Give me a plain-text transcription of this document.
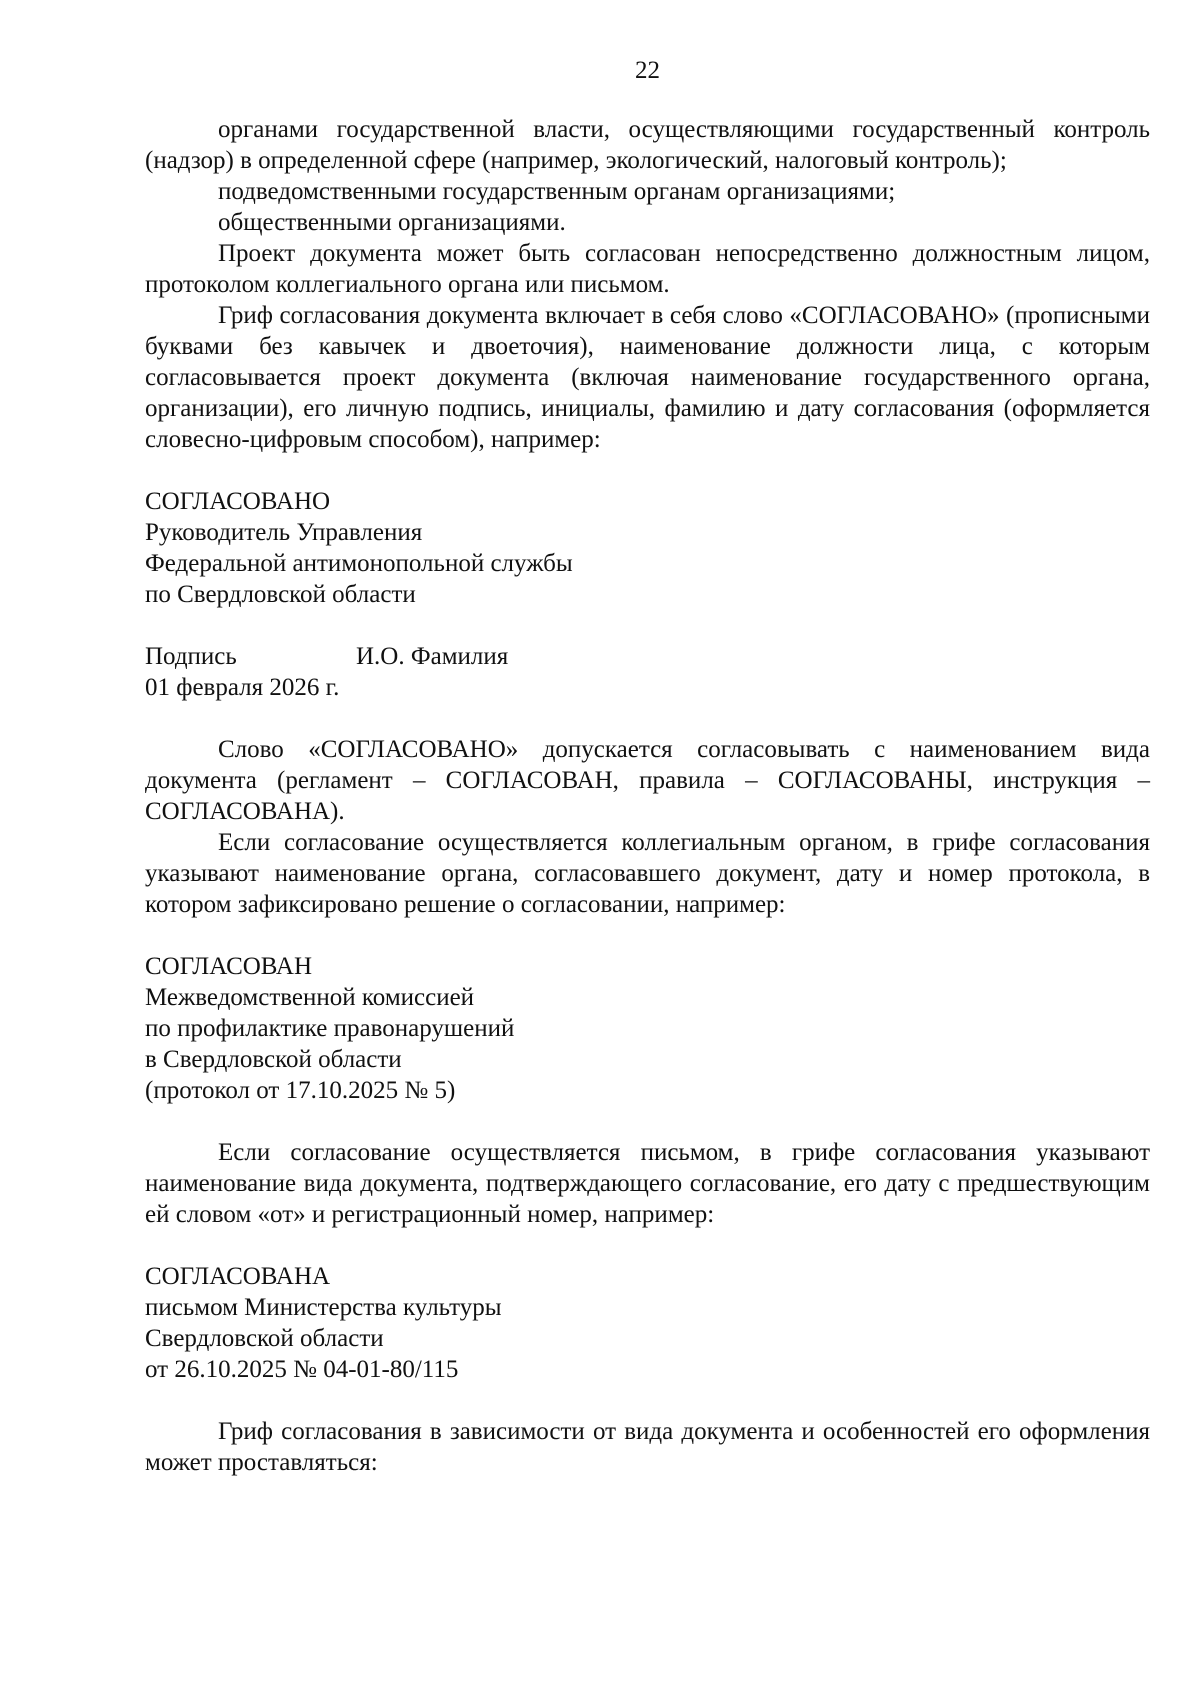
22

органами государственной власти, осуществляющими государственный контроль (надзор) в определенной сфере (например, экологический, налоговый контроль);

подведомственными государственным органам организациями;

общественными организациями.

Проект документа может быть согласован непосредственно должностным лицом, протоколом коллегиального органа или письмом.

Гриф согласования документа включает в себя слово «СОГЛАСОВАНО» (прописными буквами без кавычек и двоеточия), наименование должности лица, с которым согласовывается проект документа (включая наименование государственного органа, организации), его личную подпись, инициалы, фамилию и дату согласования (оформляется словесно-цифровым способом), например:

СОГЛАСОВАНО

Руководитель Управления

Федеральной антимонопольной службы

по Свердловской области

Подпись	И.О. Фамилия

01 февраля 2026 г.

Слово «СОГЛАСОВАНО» допускается согласовывать с наименованием вида документа (регламент – СОГЛАСОВАН, правила – СОГЛАСОВАНЫ, инструкция – СОГЛАСОВАНА).

Если согласование осуществляется коллегиальным органом, в грифе согласования указывают наименование органа, согласовавшего документ, дату и номер протокола, в котором зафиксировано решение о согласовании, например:

СОГЛАСОВАН

Межведомственной комиссией

по профилактике правонарушений

в Свердловской области

(протокол от 17.10.2025 № 5)

Если согласование осуществляется письмом, в грифе согласования указывают наименование вида документа, подтверждающего согласование, его дату с предшествующим ей словом «от» и регистрационный номер, например:

СОГЛАСОВАНА

письмом Министерства культуры

Свердловской области

от 26.10.2025 № 04-01-80/115

Гриф согласования в зависимости от вида документа и особенностей его оформления может проставляться:
